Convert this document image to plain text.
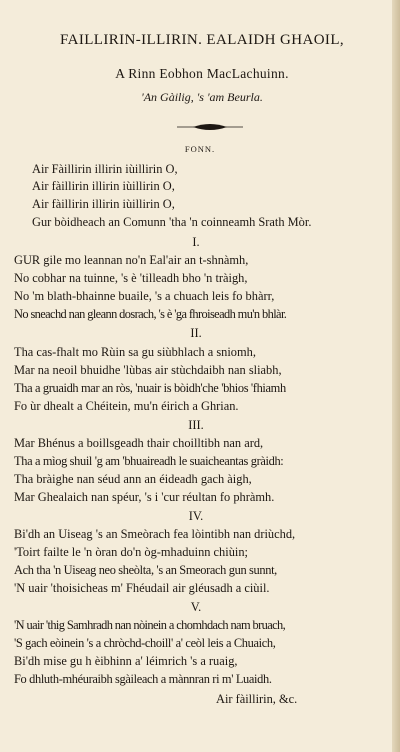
FAILLIRIN-ILLIRIN. EALAIDH GHAOIL,
A Rinn Eobhon MacLachuinn.
'An Gàilig, 's 'am Beurla.
FONN.
Air Fàillirin illirin iùillirin O,
Air fàillirin illirin iùillirin O,
Air fàillirin illirin iùillirin O,
Gur bòidheach an Comunn 'tha 'n coinneamh Srath Mòr.
I.
GUR gile mo leannan no'n Eal'air an t-shnàmh,
No cobhar na tuinne, 's è 'tilleadh bho 'n tràigh,
No 'm blath-bhainne buaile, 's a chuach leis fo bhàrr,
No sneachd nan gleann dosrach, 's è 'ga fhroiseadh mu'n bhlàr.
II.
Tha cas-fhalt mo Rùin sa gu siùbhlach a sniomh,
Mar na neoil bhuidhe 'lùbas air stùchdaibh nan sliabh,
Tha a gruaidh mar an ròs, 'nuair is bòidh'che 'bhios 'fhiamh
Fo ùr dhealt a Chéitein, mu'n éirich a Ghrian.
III.
Mar Bhénus a boillsgeadh thair choilltibh nan ard,
Tha a mìog shuil 'g am 'bhuaireadh le suaicheantas gràidh:
Tha bràighe nan séud ann an éideadh gach àigh,
Mar Ghealaich nan spéur, 's i 'cur réultan fo phràmh.
IV.
Bi'dh an Uiseag 's an Smeòrach fea lòintibh nan driùchd,
'Toirt failte le 'n òran do'n òg-mhaduinn chiùin;
Ach tha 'n Uiseag neo sheòlta, 's an Smeorach gun sunnt,
'N uair 'thoisicheas m' Fhéudail air gléusadh a ciùil.
V.
'N uair 'thig Samhradh nan nòinein a chomhdach nam bruach,
'S gach eòinein 's a chròchd-choill' a' ceòl leis a Chuaich,
Bi'dh mise gu h èibhinn a' léimrich 's a ruaig,
Fo dhluth-mhéuraibh sgàileach a mànnran ri m' Luaidh.
Air fàillirin, &c.
